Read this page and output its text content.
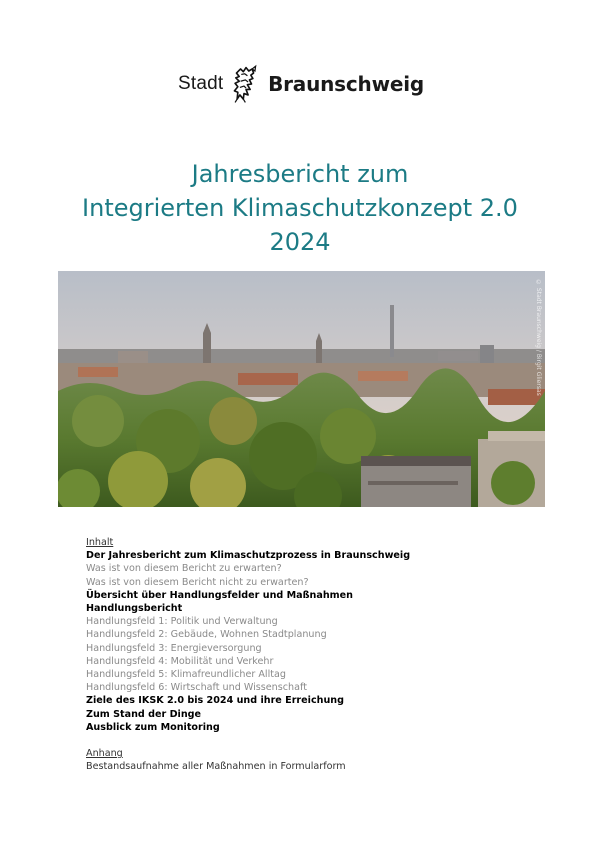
Stadt Braunschweig
Jahresbericht zum
Integrierten Klimaschutzkonzept 2.0
2024
© Stadt Braunschweig / Birgit Gliersas
Inhalt
Der Jahresbericht zum Klimaschutzprozess in Braunschweig
Was ist von diesem Bericht zu erwarten?
Was ist von diesem Bericht nicht zu erwarten?
Übersicht über Handlungsfelder und Maßnahmen
Handlungsbericht
Handlungsfeld 1: Politik und Verwaltung
Handlungsfeld 2: Gebäude, Wohnen Stadtplanung
Handlungsfeld 3: Energieversorgung
Handlungsfeld 4: Mobilität und Verkehr
Handlungsfeld 5: Klimafreundlicher Alltag
Handlungsfeld 6: Wirtschaft und Wissenschaft
Ziele des IKSK 2.0 bis 2024 und ihre Erreichung
Zum Stand der Dinge
Ausblick zum Monitoring
Anhang
Bestandsaufnahme aller Maßnahmen in Formularform
